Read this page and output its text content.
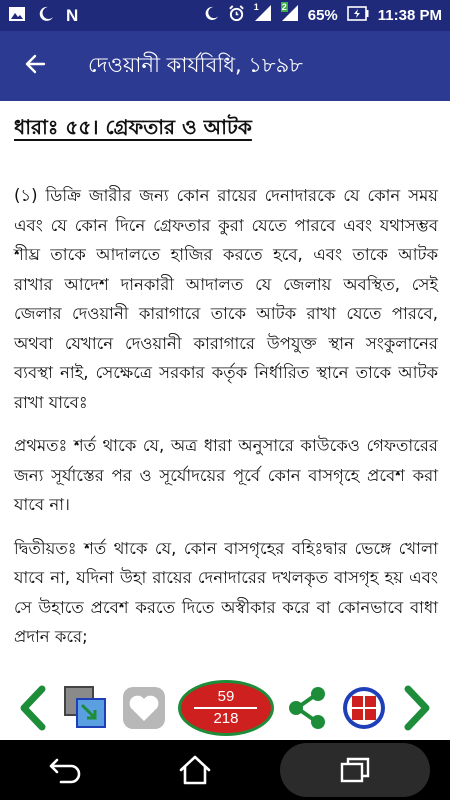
N	1	2 65%	11:38 PM
দেওয়ানী কার্যবিধি, ১৮৯৮
ধারাঃ ৫৫। গ্রেফতার ও আটক

(১) ডিক্রি জারীর জন্য কোন রায়ের দেনাদারকে যে কোন সময় এবং যে কোন দিনে গ্রেফতার কুরা যেতে পারবে এবং যথাসম্ভব শীঘ্র তাকে আদালতে হাজির করতে হবে, এবং তাকে আটক রাখার আদেশ দানকারী আদালত যে জেলায় অবস্থিত, সেই জেলার দেওয়ানী কারাগারে তাকে আটক রাখা যেতে পারবে, অথবা যেখানে দেওয়ানী কারাগারে উপযুক্ত স্থান সংকুলানের ব্যবস্থা নাই, সেক্ষেত্রে সরকার কর্তৃক নির্ধারিত স্থানে তাকে আটক রাখা যাবেঃ

প্রথমতঃ শর্ত থাকে যে, অত্র ধারা অনুসারে কাউকেও গেফতারের জন্য সূর্যাস্তের পর ও সূর্যোদয়ের পূর্বে কোন বাসগৃহে প্রবেশ করা যাবে না।

দ্বিতীয়তঃ শর্ত থাকে যে, কোন বাসগৃহের বহিঃদ্বার ভেঙ্গে খোলা যাবে না, যদিনা উহা রায়ের দেনাদারের দখলকৃত বাসগৃহ হয় এবং সে উহাতে প্রবেশ করতে দিতে অস্বীকার করে বা কোনভাবে বাধা প্রদান করে;

59
218
